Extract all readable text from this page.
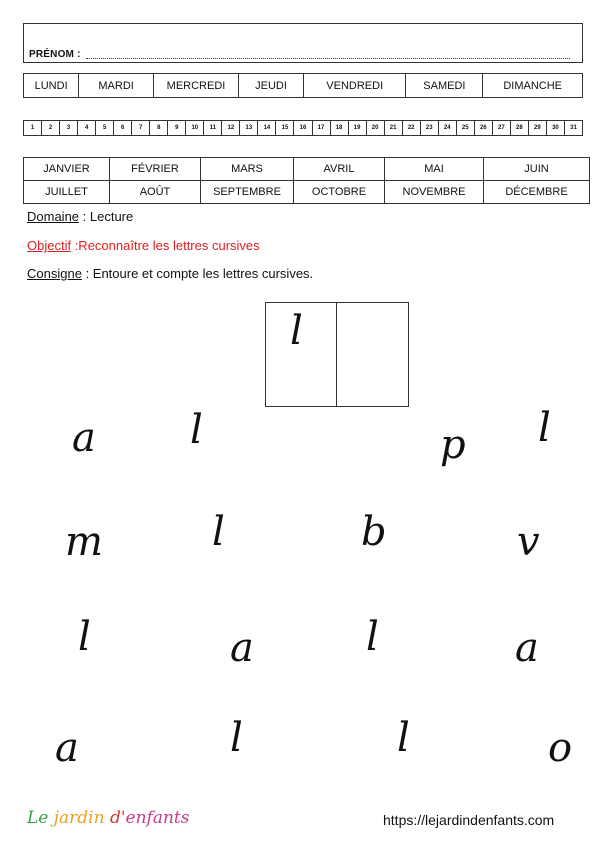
PRÉNOM :
LUNDI	MARDI	MERCREDI	JEUDI	VENDREDI	SAMEDI	DIMANCHE
1	2	3	4	5	6	7	8	9	10	11	12	13	14	15	16	17	18	19	20	21	22	23	24	25	26	27	28	29	30	31
JANVIER	FÉVRIER	MARS	AVRIL	MAI	JUIN
JUILLET	AOÛT	SEPTEMBRE	OCTOBRE	NOVEMBRE	DÉCEMBRE
Domaine : Lecture
Objectif :Reconnaître les lettres cursives
Consigne : Entoure et compte les lettres cursives.
l
a l	p l
m	l	b	v
l	a	l	a
a	l	l	o
Le jardin d'enfants	https://lejardindenfants.com
